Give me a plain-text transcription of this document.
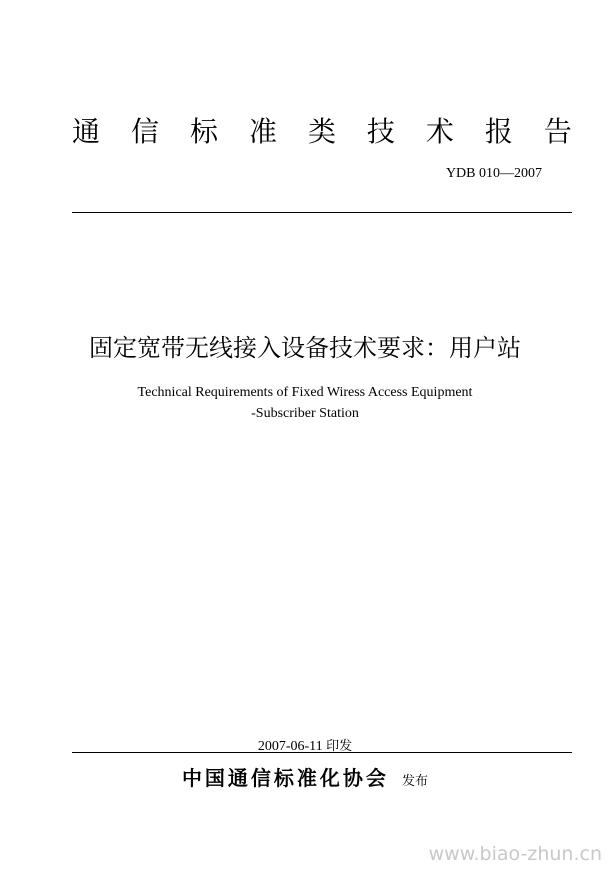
通 信 标 准 类 技 术 报 告
YDB 010—2007
固定宽带无线接入设备技术要求：用户站
Technical Requirements of Fixed Wiress Access Equipment
-Subscriber Station
2007-06-11 印发
中国通信标准化协会 发布
www.biao-zhun.cn
